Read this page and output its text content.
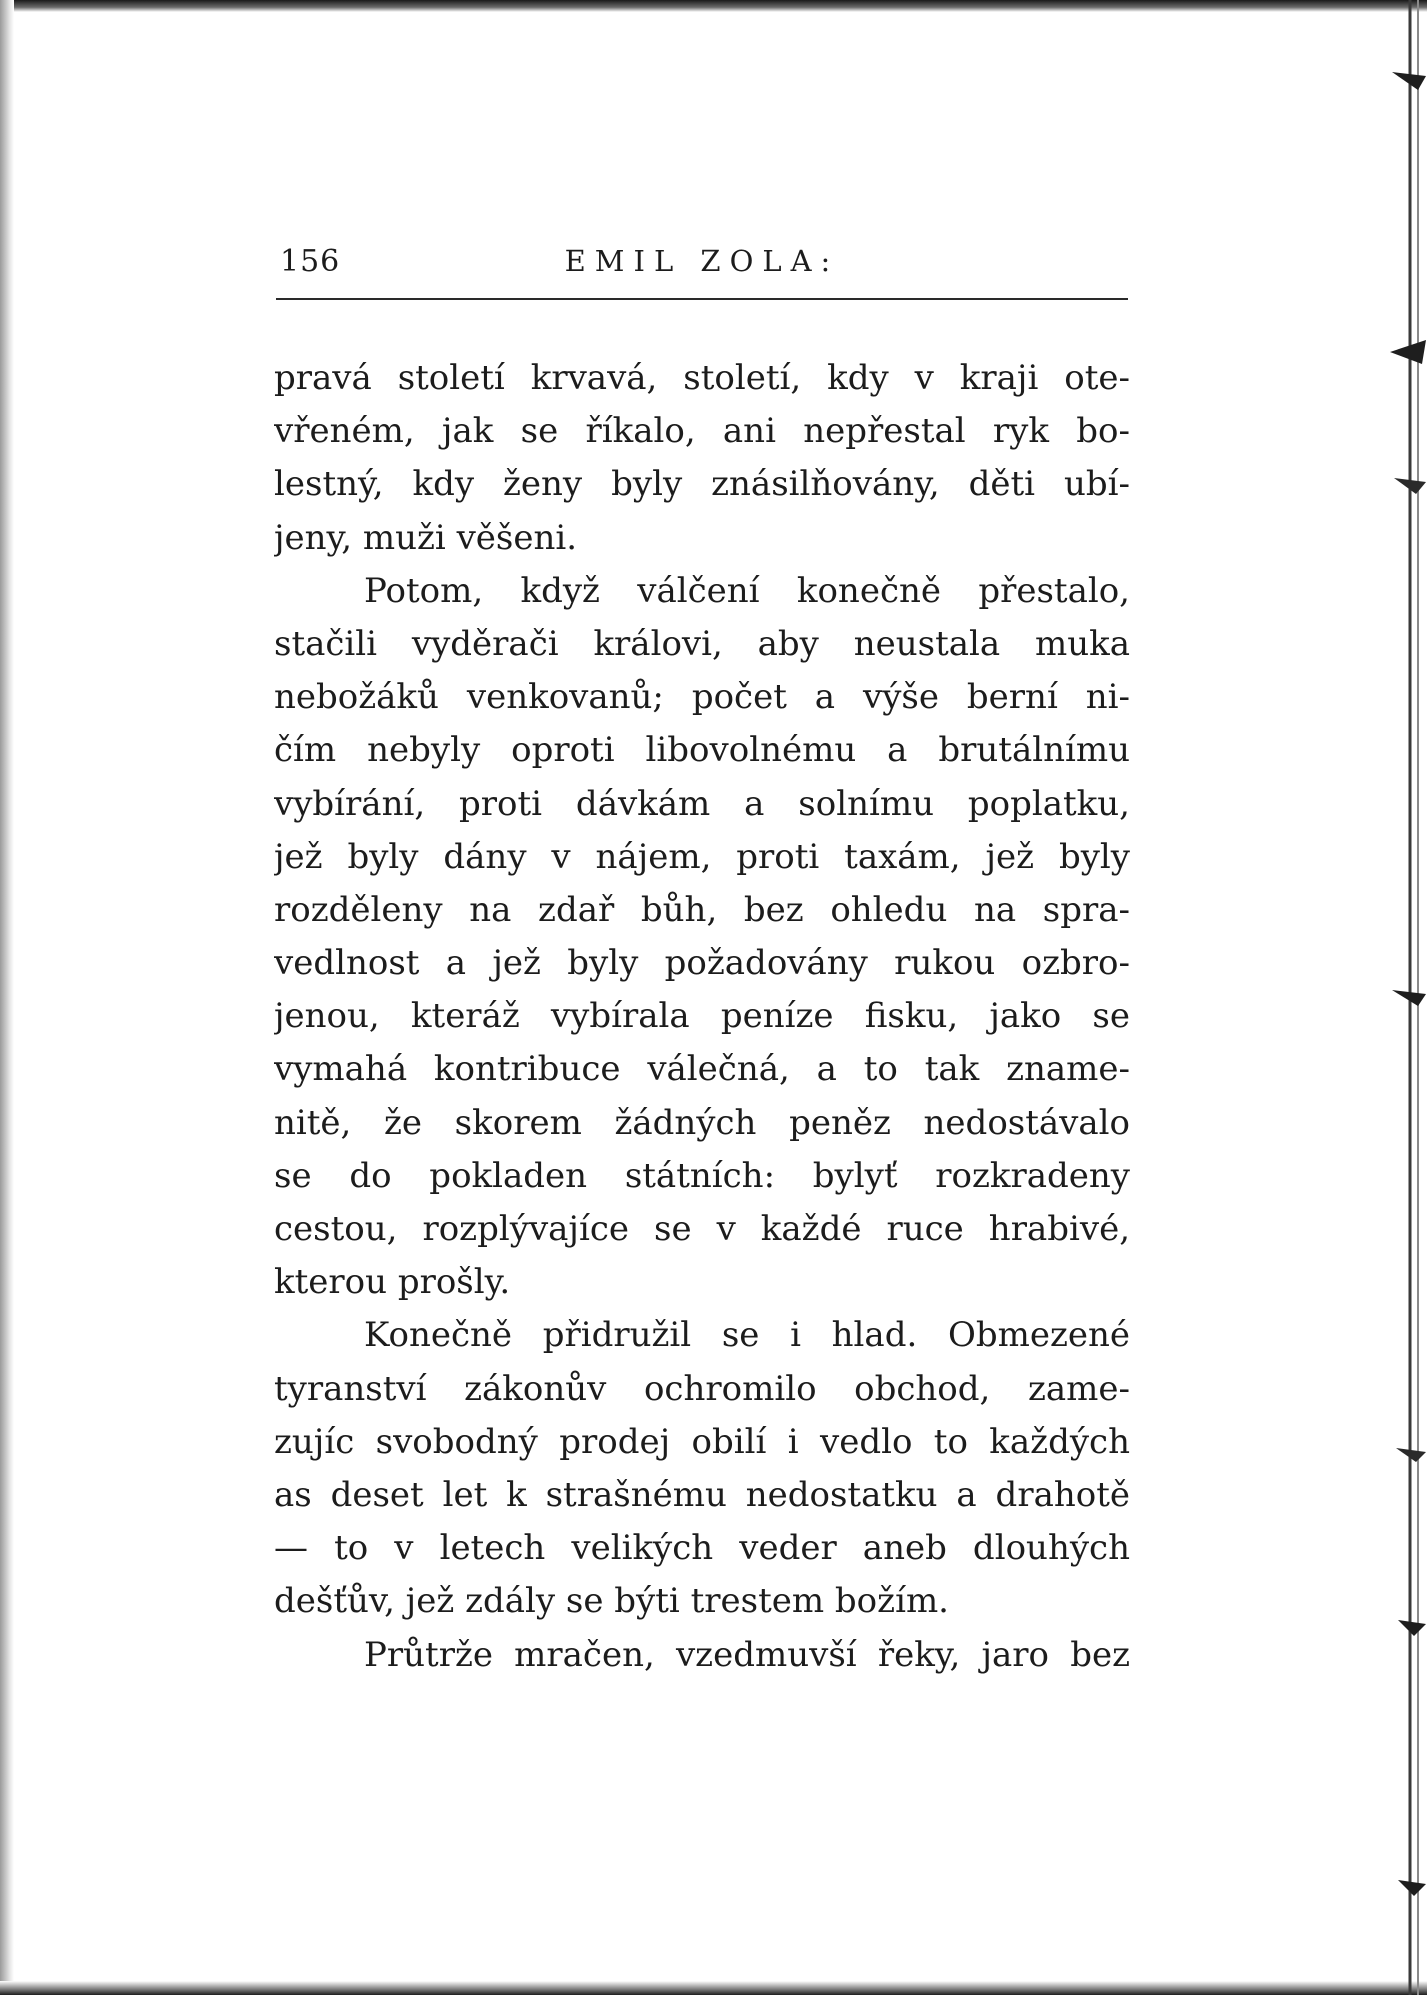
156	EMIL ZOLA:
pravá století krvavá, století, kdy v kraji ote-
vřeném, jak se říkalo, ani nepřestal ryk bo-
lestný, kdy ženy byly znásilňovány, děti ubí-
jeny, muži věšeni.
Potom, když válčení konečně přestalo,
stačili vyděrači královi, aby neustala muka
nebožáků venkovanů; počet a výše berní ni-
čím nebyly oproti libovolnému a brutálnímu
vybírání, proti dávkám a solnímu poplatku,
jež byly dány v nájem, proti taxám, jež byly
rozděleny na zdař bůh, bez ohledu na spra-
vedlnost a jež byly požadovány rukou ozbro-
jenou, kteráž vybírala peníze fisku, jako se
vymahá kontribuce válečná, a to tak zname-
nitě, že skorem žádných peněz nedostávalo
se do pokladen státních: bylyť rozkradeny
cestou, rozplývajíce se v každé ruce hrabivé,
kterou prošly.
Konečně přidružil se i hlad. Obmezené
tyranství zákonův ochromilo obchod, zame-
zujíc svobodný prodej obilí i vedlo to každých
as deset let k strašnému nedostatku a drahotě
— to v letech velikých veder aneb dlouhých
dešťův, jež zdály se býti trestem božím.
Průtrže mračen, vzedmuvší řeky, jaro bez
